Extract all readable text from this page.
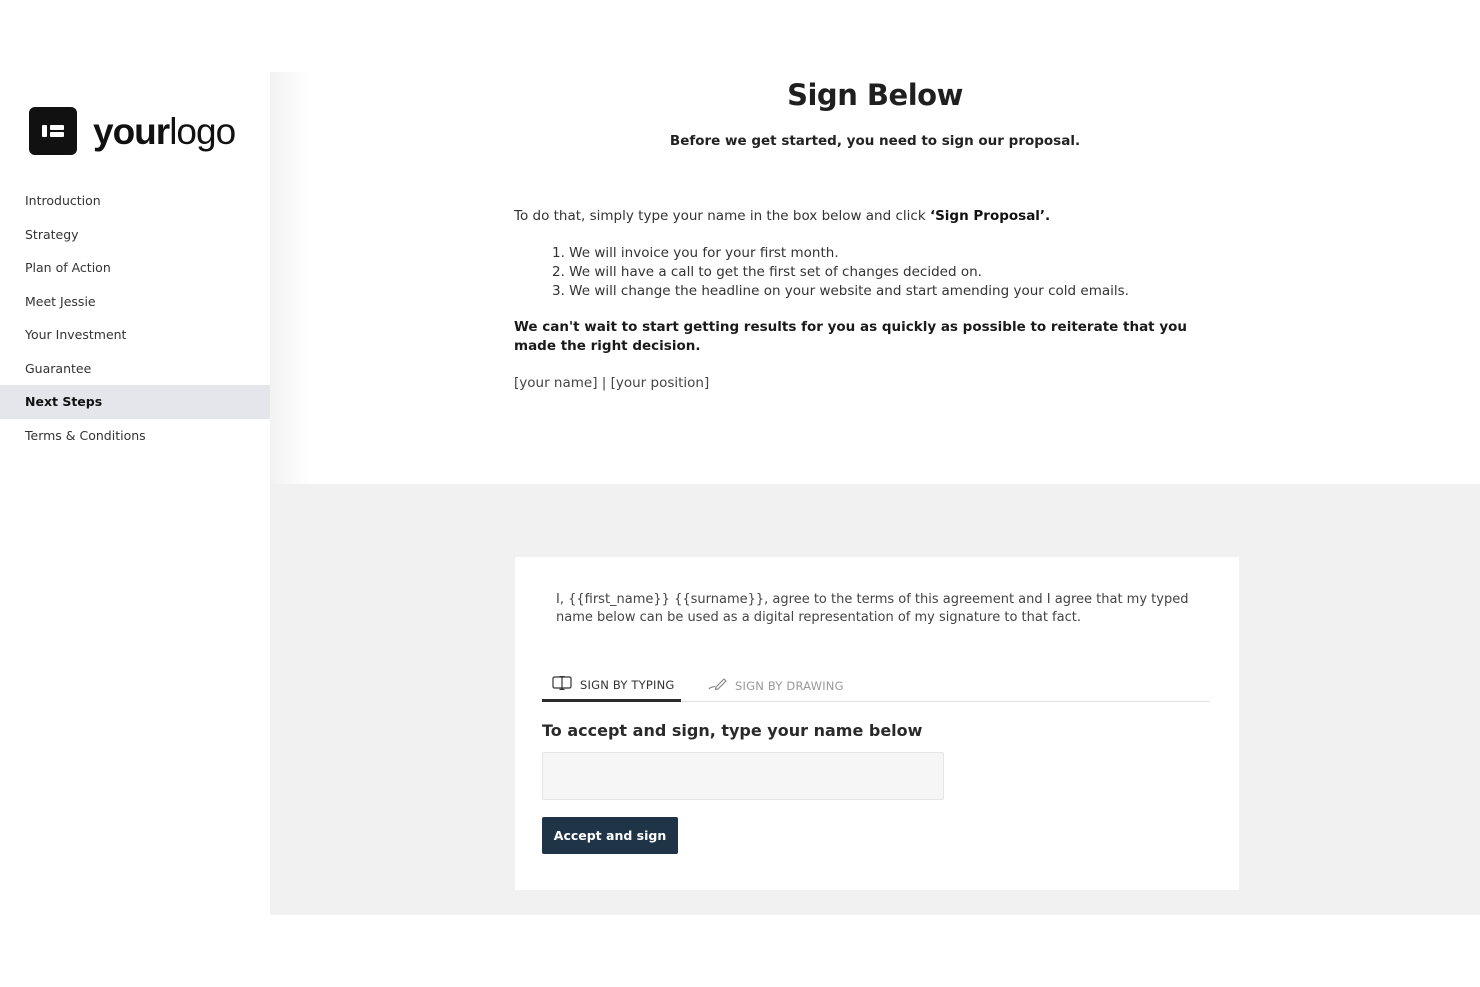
yourlogo
Introduction
Strategy
Plan of Action
Meet Jessie
Your Investment
Guarantee
Next Steps
Terms & Conditions
Sign Below

Before we get started, you need to sign our proposal.

To do that, simply type your name in the box below and click ‘Sign Proposal’.

1. We will invoice you for your first month.
2. We will have a call to get the first set of changes decided on.
3. We will change the headline on your website and start amending your cold emails.

We can't wait to start getting results for you as quickly as possible to reiterate that you made the right decision.

[your name] | [your position]

I, {{first_name}} {{surname}}, agree to the terms of this agreement and I agree that my typed name below can be used as a digital representation of my signature to that fact.

SIGN BY TYPING	SIGN BY DRAWING

To accept and sign, type your name below

Accept and sign
